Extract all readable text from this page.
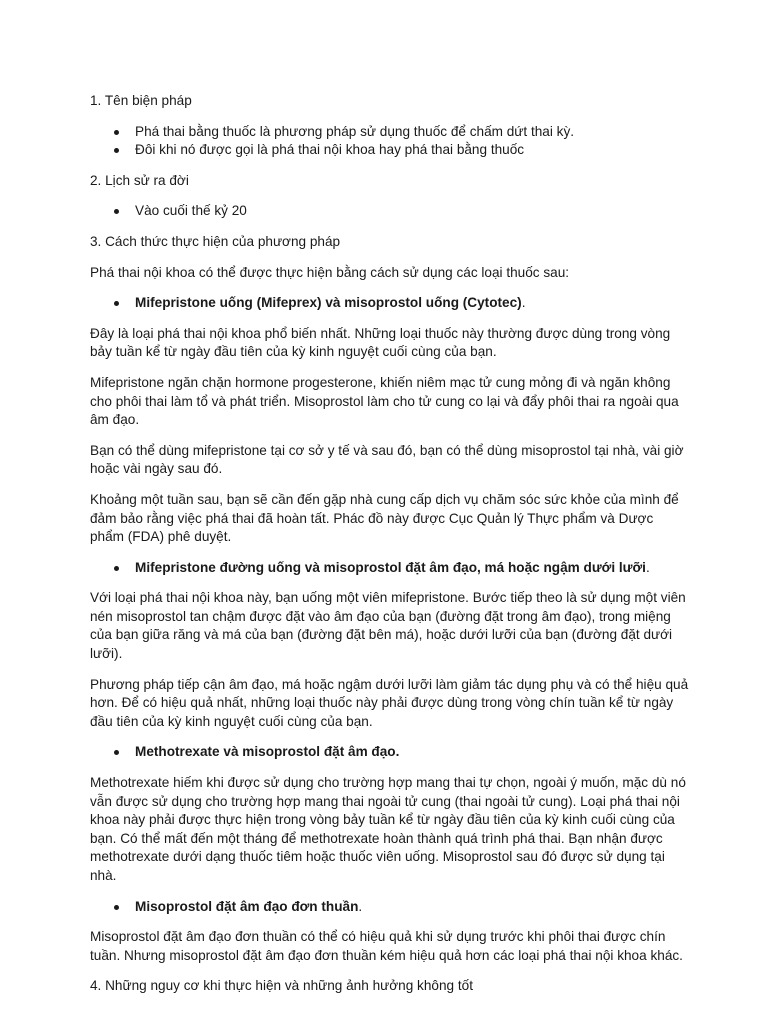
1. Tên biện pháp

Phá thai bằng thuốc là phương pháp sử dụng thuốc để chấm dứt thai kỳ.
Đôi khi nó được gọi là phá thai nội khoa hay phá thai bằng thuốc

2. Lịch sử ra đời

Vào cuối thế kỷ 20

3. Cách thức thực hiện của phương pháp

Phá thai nội khoa có thể được thực hiện bằng cách sử dụng các loại thuốc sau:

Mifepristone uống (Mifeprex) và misoprostol uống (Cytotec).

Đây là loại phá thai nội khoa phổ biến nhất. Những loại thuốc này thường được dùng trong vòng bảy tuần kể từ ngày đầu tiên của kỳ kinh nguyệt cuối cùng của bạn.

Mifepristone ngăn chặn hormone progesterone, khiến niêm mạc tử cung mỏng đi và ngăn không cho phôi thai làm tổ và phát triển. Misoprostol làm cho tử cung co lại và đẩy phôi thai ra ngoài qua âm đạo.

Bạn có thể dùng mifepristone tại cơ sở y tế và sau đó, bạn có thể dùng misoprostol tại nhà, vài giờ hoặc vài ngày sau đó.

Khoảng một tuần sau, bạn sẽ cần đến gặp nhà cung cấp dịch vụ chăm sóc sức khỏe của mình để đảm bảo rằng việc phá thai đã hoàn tất. Phác đồ này được Cục Quản lý Thực phẩm và Dược phẩm (FDA) phê duyệt.

Mifepristone đường uống và misoprostol đặt âm đạo, má hoặc ngậm dưới lưỡi.

Với loại phá thai nội khoa này, bạn uống một viên mifepristone. Bước tiếp theo là sử dụng một viên nén misoprostol tan chậm được đặt vào âm đạo của bạn (đường đặt trong âm đạo), trong miệng của bạn giữa răng và má của bạn (đường đặt bên má), hoặc dưới lưỡi của bạn (đường đặt dưới lưỡi).

Phương pháp tiếp cận âm đạo, má hoặc ngậm dưới lưỡi làm giảm tác dụng phụ và có thể hiệu quả hơn. Để có hiệu quả nhất, những loại thuốc này phải được dùng trong vòng chín tuần kể từ ngày đầu tiên của kỳ kinh nguyệt cuối cùng của bạn.

Methotrexate và misoprostol đặt âm đạo.

Methotrexate hiếm khi được sử dụng cho trường hợp mang thai tự chọn, ngoài ý muốn, mặc dù nó vẫn được sử dụng cho trường hợp mang thai ngoài tử cung (thai ngoài tử cung). Loại phá thai nội khoa này phải được thực hiện trong vòng bảy tuần kể từ ngày đầu tiên của kỳ kinh cuối cùng của bạn. Có thể mất đến một tháng để methotrexate hoàn thành quá trình phá thai. Bạn nhận được methotrexate dưới dạng thuốc tiêm hoặc thuốc viên uống. Misoprostol sau đó được sử dụng tại nhà.

Misoprostol đặt âm đạo đơn thuần.

Misoprostol đặt âm đạo đơn thuần có thể có hiệu quả khi sử dụng trước khi phôi thai được chín tuần. Nhưng misoprostol đặt âm đạo đơn thuần kém hiệu quả hơn các loại phá thai nội khoa khác.

4. Những nguy cơ khi thực hiện và những ảnh hưởng không tốt
